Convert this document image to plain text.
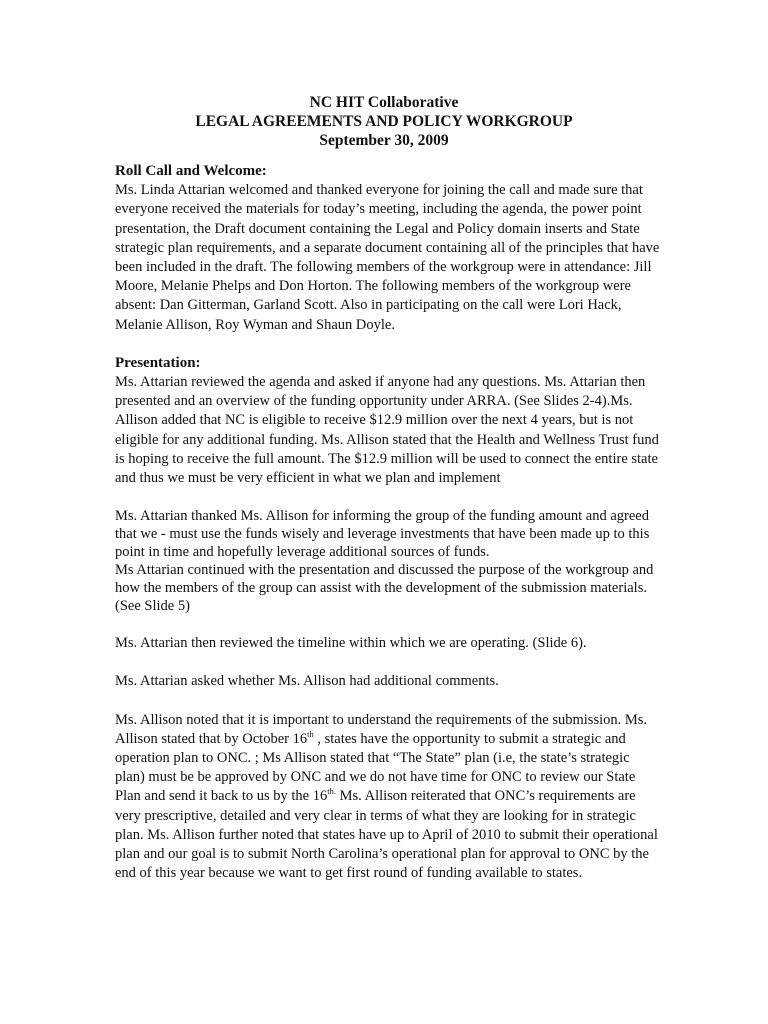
NC HIT Collaborative
LEGAL AGREEMENTS AND POLICY WORKGROUP
September 30, 2009
Roll Call and Welcome:

Ms. Linda Attarian welcomed and thanked everyone for joining the call and made sure that everyone received the materials for today’s meeting, including the agenda, the power point presentation, the Draft document containing the Legal and Policy domain inserts and State strategic plan requirements, and a separate document containing all of the principles that have been included in the draft. The following members of the workgroup were in attendance: Jill Moore, Melanie Phelps and Don Horton. The following members of the workgroup were absent: Dan Gitterman, Garland Scott. Also in participating on the call were Lori Hack, Melanie Allison, Roy Wyman and Shaun Doyle.

Presentation:

Ms. Attarian reviewed the agenda and asked if anyone had any questions. Ms. Attarian then presented and an overview of the funding opportunity under ARRA. (See Slides 2-4).Ms. Allison added that NC is eligible to receive $12.9 million over the next 4 years, but is not eligible for any additional funding. Ms. Allison stated that the Health and Wellness Trust fund is hoping to receive the full amount. The $12.9 million will be used to connect the entire state and thus we must be very efficient in what we plan and implement

Ms. Attarian thanked Ms. Allison for informing the group of the funding amount and agreed that we - must use the funds wisely and leverage investments that have been made up to this point in time and hopefully leverage additional sources of funds.

Ms Attarian continued with the presentation and discussed the purpose of the workgroup and how the members of the group can assist with the development of the submission materials. (See Slide 5)

Ms. Attarian then reviewed the timeline within which we are operating. (Slide 6).

Ms. Attarian asked whether Ms. Allison had additional comments.

Ms. Allison noted that it is important to understand the requirements of the submission. Ms. Allison stated that by October 16th , states have the opportunity to submit a strategic and operation plan to ONC. ; Ms Allison stated that “The State” plan (i.e, the state’s strategic plan) must be be approved by ONC and we do not have time for ONC to review our State Plan and send it back to us by the $16^{th.}$ Ms. Allison reiterated that ONC’s requirements are very prescriptive, detailed and very clear in terms of what they are looking for in strategic plan. Ms. Allison further noted that states have up to April of 2010 to submit their operational plan and our goal is to submit North Carolina’s operational plan for approval to ONC by the end of this year because we want to get first round of funding available to states.
